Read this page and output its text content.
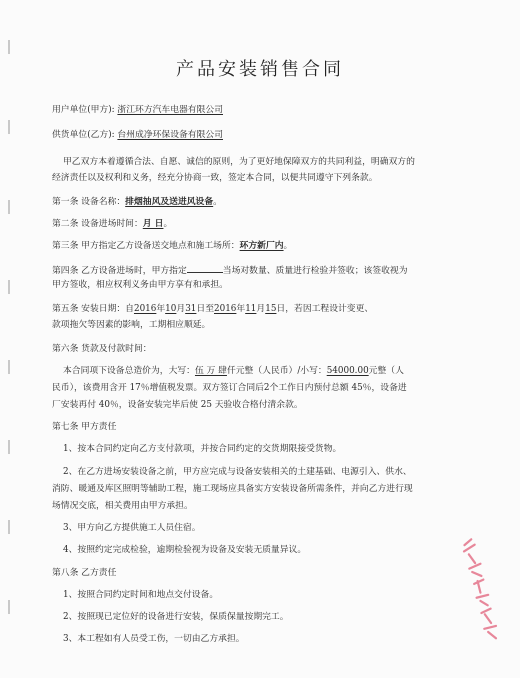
产品安装销售合同
用户单位(甲方): 浙江环方汽车电器有限公司
供货单位(乙方): 台州成净环保设备有限公司
甲乙双方本着遵循合法、自愿、诚信的原则，为了更好地保障双方的共同利益，明确双方的
经济责任以及权利和义务，经充分协商一致，签定本合同，以便共同遵守下列条款。
第一条 设备名称：排烟抽风及送进风设备。
第二条 设备进场时间：月 日。
第三条 甲方指定乙方设备送交地点和施工场所：环方新厂内。
第四条 乙方设备进场时，甲方指定	当场对数量、质量进行检验并签收；该签收视为
甲方签收，相应权利义务由甲方享有和承担。
第五条 安装日期：自2016年10月31日至2016年11月15日，若因工程设计变更、
款项拖欠等因素的影响，工期相应顺延。
第六条 货款及付款时间：
本合同项下设备总造价为，大写：伍 万 肆仟元整（人民币）/小写：54000.00元整（人
民币），该费用含开 17％增值税发票。双方签订合同后2个工作日内预付总额 45％，设备进
厂安装再付 40％，设备安装完毕后使 25 天验收合格付清余款。
第七条 甲方责任
1、按本合同约定向乙方支付款项，并按合同约定的交货期限接受货物。
2、在乙方进场安装设备之前，甲方应完成与设备安装相关的土建基础、电源引入、供水、
消防、暖通及库区照明等辅助工程，施工现场应具备实方安装设备所需条件，并向乙方进行现
场情况交底，相关费用由甲方承担。
3、甲方向乙方提供施工人员住宿。
4、按照约定完成检验，逾期检验视为设备及安装无质量异议。
第八条 乙方责任
1、按照合同约定时间和地点交付设备。
2、按照现已定位好的设备进行安装，保质保量按期完工。
3、本工程如有人员受工伤，一切由乙方承担。
